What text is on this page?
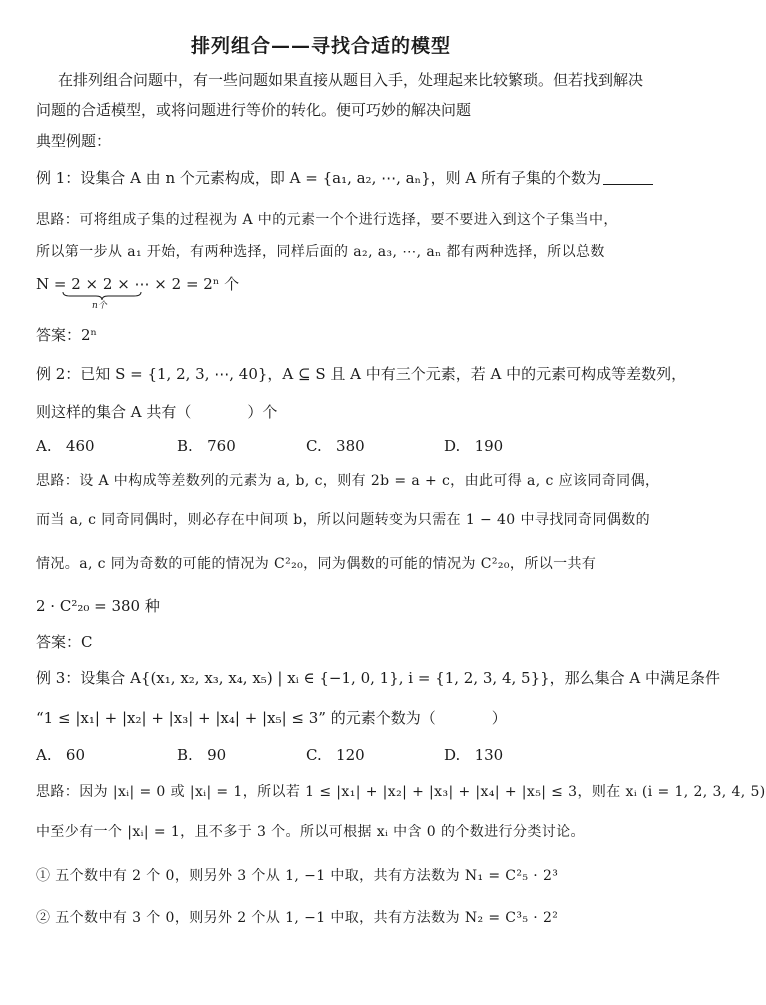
排列组合——寻找合适的模型
在排列组合问题中，有一些问题如果直接从题目入手，处理起来比较繁琐。但若找到解决
问题的合适模型，或将问题进行等价的转化。便可巧妙的解决问题
典型例题：
例 1：设集合 A 由 n 个元素构成，即 A = {a₁, a₂, ⋯, aₙ}，则 A 所有子集的个数为
思路：可将组成子集的过程视为 A 中的元素一个个进行选择，要不要进入到这个子集当中，
所以第一步从 a₁ 开始，有两种选择，同样后面的 a₂, a₃, ⋯, aₙ 都有两种选择，所以总数
N = 2 × 2 × ⋯ × 2 = 2ⁿ 个
n个
答案：2ⁿ
例 2：已知 S = {1, 2, 3, ⋯, 40}，A ⊆ S 且 A 中有三个元素，若 A 中的元素可构成等差数列，
则这样的集合 A 共有（	）个
A. 460	B. 760	C. 380	D. 190
思路：设 A 中构成等差数列的元素为 a, b, c，则有 2b = a + c，由此可得 a, c 应该同奇同偶，
而当 a, c 同奇同偶时，则必存在中间项 b，所以问题转变为只需在 1 − 40 中寻找同奇同偶数的
情况。a, c 同为奇数的可能的情况为 C²₂₀，同为偶数的可能的情况为 C²₂₀，所以一共有
2 · C²₂₀ = 380 种
答案：C
例 3：设集合 A{(x₁, x₂, x₃, x₄, x₅) | xᵢ ∈ {−1, 0, 1}, i = {1, 2, 3, 4, 5}}，那么集合 A 中满足条件
“1 ≤ |x₁| + |x₂| + |x₃| + |x₄| + |x₅| ≤ 3” 的元素个数为（	）
A. 60	B. 90	C. 120	D. 130
思路：因为 |xᵢ| = 0 或 |xᵢ| = 1，所以若 1 ≤ |x₁| + |x₂| + |x₃| + |x₄| + |x₅| ≤ 3，则在 xᵢ (i = 1, 2, 3, 4, 5)
中至少有一个 |xᵢ| = 1，且不多于 3 个。所以可根据 xᵢ 中含 0 的个数进行分类讨论。
① 五个数中有 2 个 0，则另外 3 个从 1, −1 中取，共有方法数为 N₁ = C²₅ · 2³
② 五个数中有 3 个 0，则另外 2 个从 1, −1 中取，共有方法数为 N₂ = C³₅ · 2²
